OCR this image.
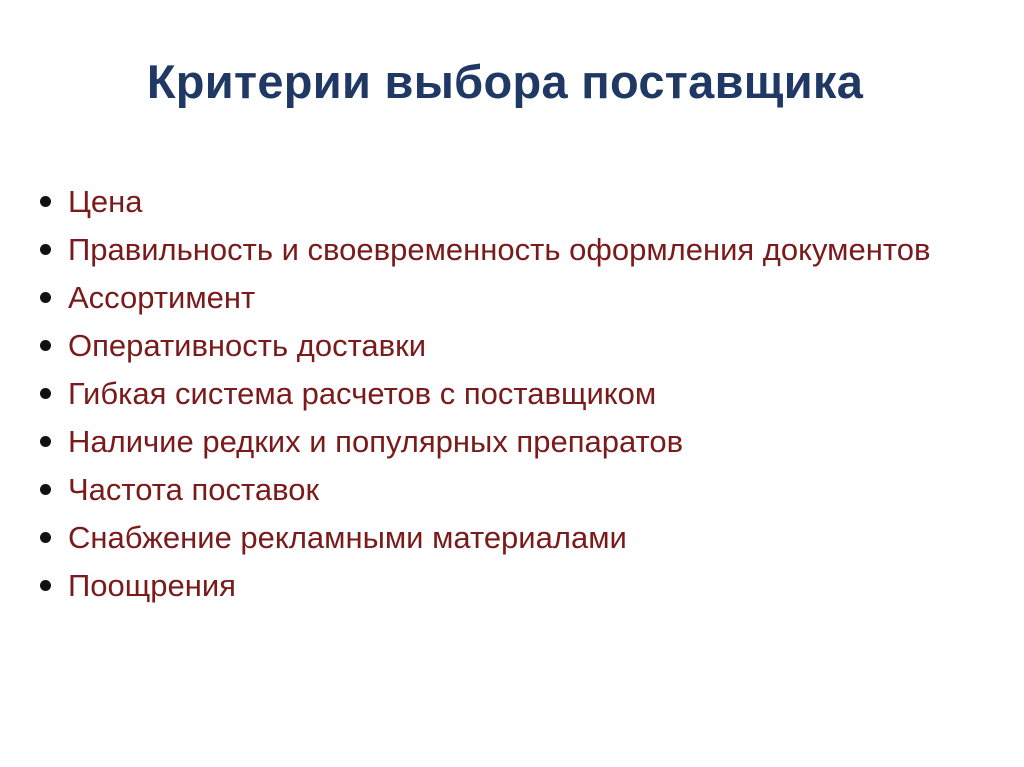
Критерии выбора поставщика
Цена
Правильность и своевременность оформления документов
Ассортимент
Оперативность доставки
Гибкая система расчетов с поставщиком
Наличие редких и популярных препаратов
Частота поставок
Снабжение рекламными материалами
Поощрения
